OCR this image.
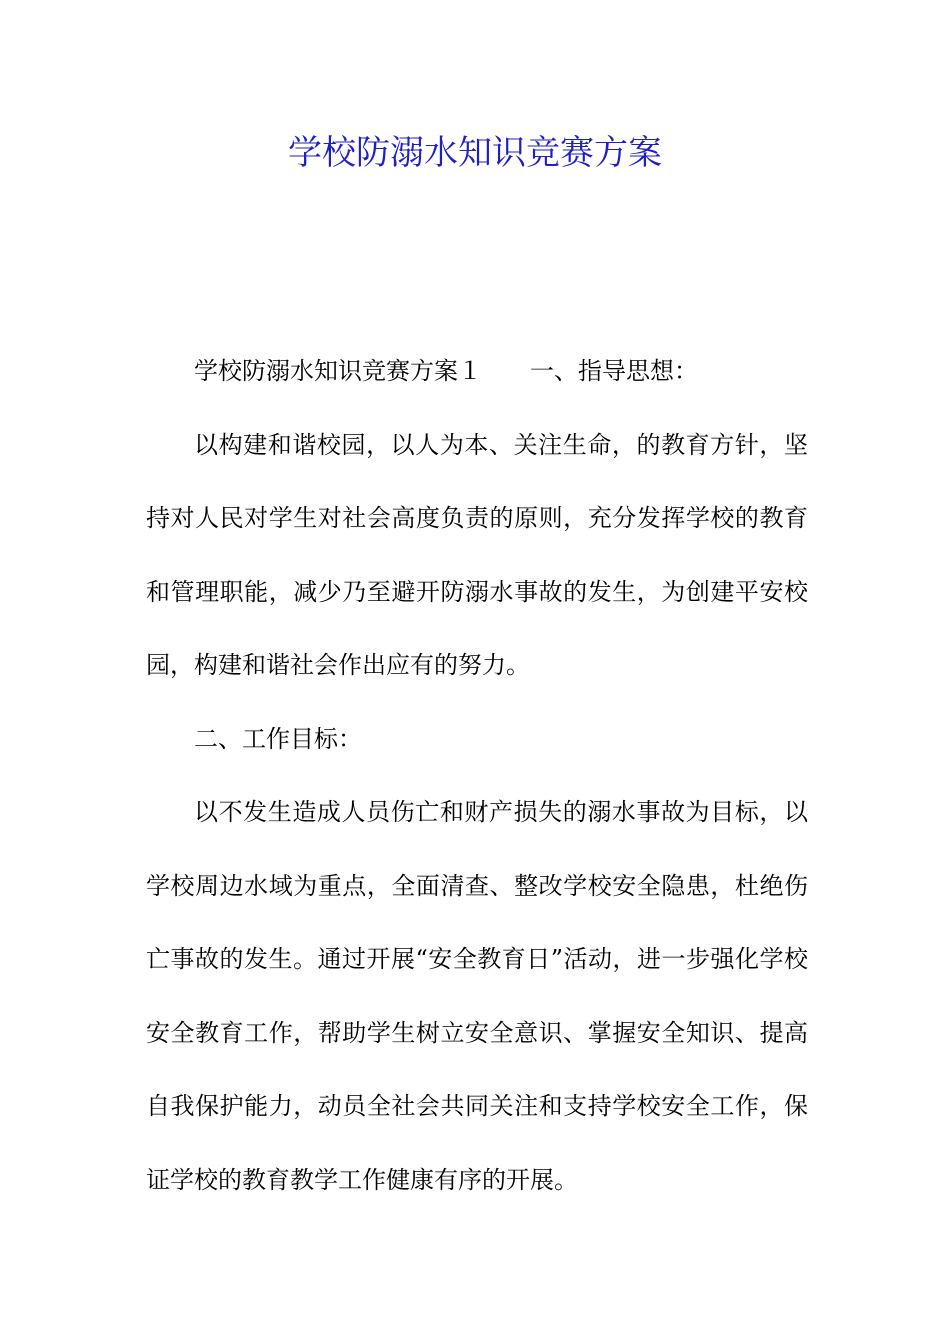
学校防溺水知识竞赛方案

学校防溺水知识竞赛方案１ 一、指导思想：

以构建和谐校园，以人为本、关注生命，的教育方针，坚持对人民对学生对社会高度负责的原则，充分发挥学校的教育和管理职能，减少乃至避开防溺水事故的发生，为创建平安校园，构建和谐社会作出应有的努力。

二、工作目标：

以不发生造成人员伤亡和财产损失的溺水事故为目标，以学校周边水域为重点，全面清查、整改学校安全隐患，杜绝伤亡事故的发生。通过开展“安全教育日”活动，进一步强化学校安全教育工作，帮助学生树立安全意识、掌握安全知识、提高自我保护能力，动员全社会共同关注和支持学校安全工作，保证学校的教育教学工作健康有序的开展。
